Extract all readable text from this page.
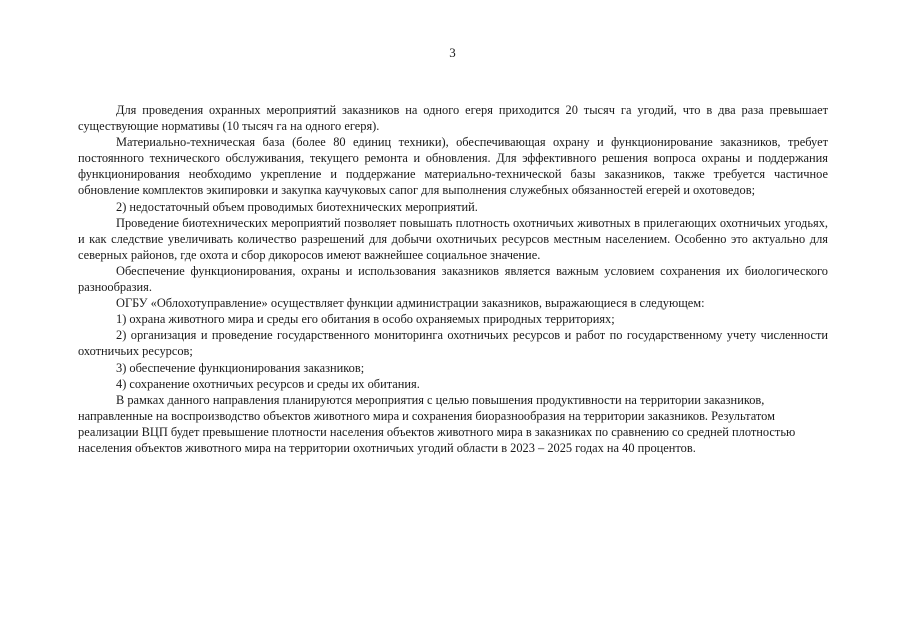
3

Для проведения охранных мероприятий заказников на одного егеря приходится 20 тысяч га угодий, что в два раза превышает существующие нормативы (10 тысяч га на одного егеря).

Материально-техническая база (более 80 единиц техники), обеспечивающая охрану и функционирование заказников, требует постоянного технического обслуживания, текущего ремонта и обновления. Для эффективного решения вопроса охраны и поддержания функционирования необходимо укрепление и поддержание материально-технической базы заказников, также требуется частичное обновление комплектов экипировки и закупка каучуковых сапог для выполнения служебных обязанностей егерей и охотоведов;

2) недостаточный объем проводимых биотехнических мероприятий.

Проведение биотехнических мероприятий позволяет повышать плотность охотничьих животных в прилегающих охотничьих угодьях, и как следствие увеличивать количество разрешений для добычи охотничьих ресурсов местным населением. Особенно это актуально для северных районов, где охота и сбор дикоросов имеют важнейшее социальное значение.

Обеспечение функционирования, охраны и использования заказников является важным условием сохранения их биологического разнообразия.

ОГБУ «Облохотуправление» осуществляет функции администрации заказников, выражающиеся в следующем:

1) охрана животного мира и среды его обитания в особо охраняемых природных территориях;

2) организация и проведение государственного мониторинга охотничьих ресурсов и работ по государственному учету численности охотничьих ресурсов;

3) обеспечение функционирования заказников;

4) сохранение охотничьих ресурсов и среды их обитания.

В рамках данного направления планируются мероприятия с целью повышения продуктивности на территории заказников, направленные на воспроизводство объектов животного мира и сохранения биоразнообразия на территории заказников. Результатом реализации ВЦП будет превышение плотности населения объектов животного мира в заказниках по сравнению со средней плотностью населения объектов животного мира на территории охотничьих угодий области в 2023 – 2025 годах на 40 процентов.
